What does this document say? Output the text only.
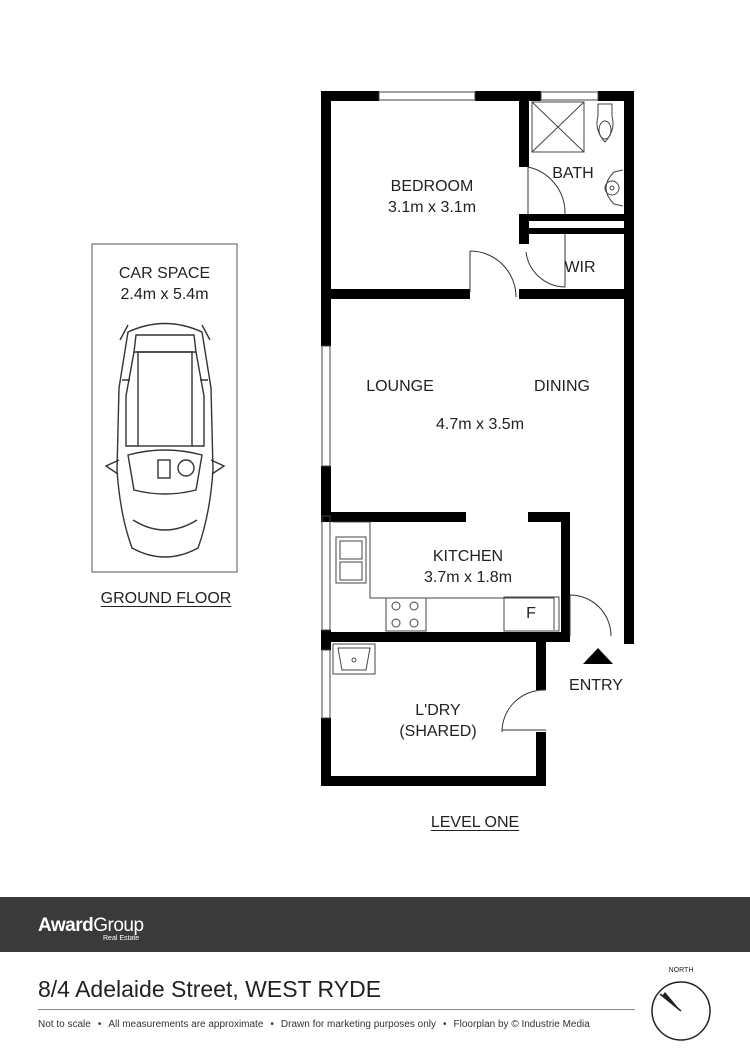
CAR SPACE
2.4m x 5.4m
GROUND FLOOR
BEDROOM
3.1m x 3.1m
BATH
WIR
LOUNGE	DINING
4.7m x 3.5m
KITCHEN
3.7m x 1.8m
F
L'DRY
(SHARED)
ENTRY
LEVEL ONE
AwardGroup
Real Estate
8/4 Adelaide Street, WEST RYDE
Not to scale • All measurements are approximate • Drawn for marketing purposes only • Floorplan by © Industrie Media
NORTH
